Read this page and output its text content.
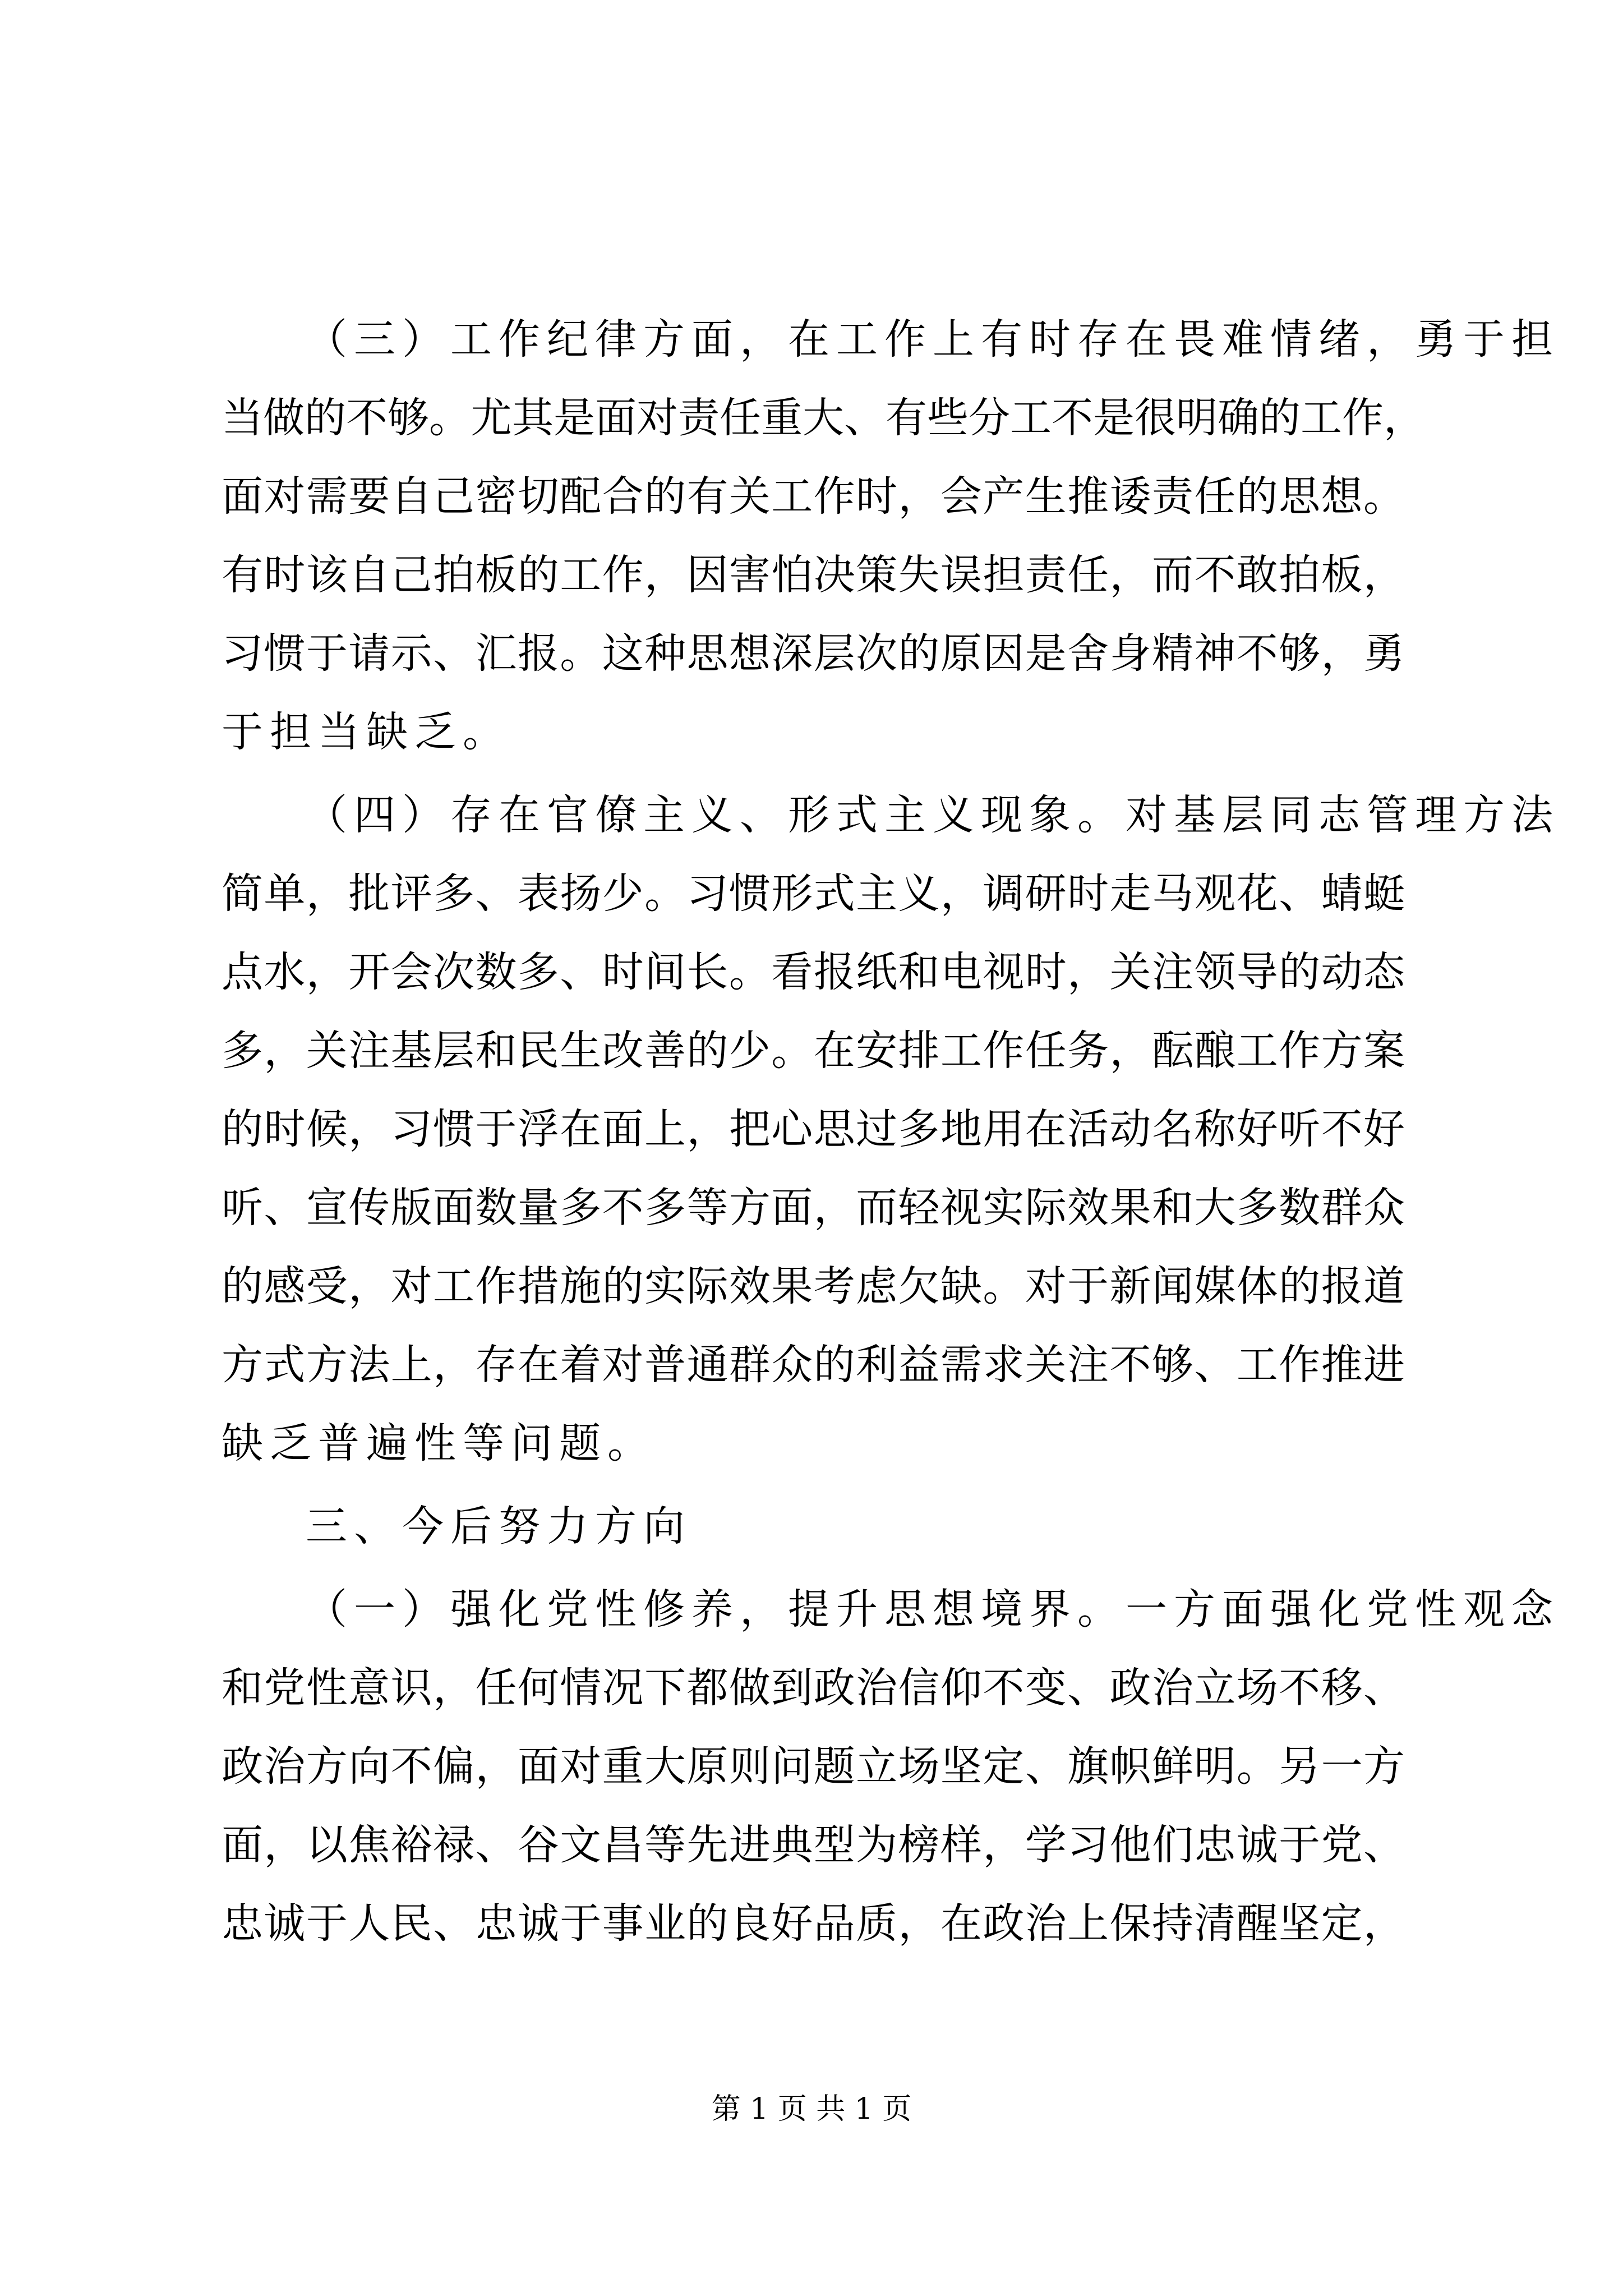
（三）工作纪律方面，在工作上有时存在畏难情绪，勇于担
当做的不够。尤其是面对责任重大、有些分工不是很明确的工作，
面对需要自己密切配合的有关工作时，会产生推诿责任的思想。
有时该自己拍板的工作，因害怕决策失误担责任，而不敢拍板，
习惯于请示、汇报。这种思想深层次的原因是舍身精神不够，勇
于担当缺乏。
（四）存在官僚主义、形式主义现象。对基层同志管理方法
简单，批评多、表扬少。习惯形式主义，调研时走马观花、蜻蜓
点水，开会次数多、时间长。看报纸和电视时，关注领导的动态
多，关注基层和民生改善的少。在安排工作任务，酝酿工作方案
的时候，习惯于浮在面上，把心思过多地用在活动名称好听不好
听、宣传版面数量多不多等方面，而轻视实际效果和大多数群众
的感受，对工作措施的实际效果考虑欠缺。对于新闻媒体的报道
方式方法上，存在着对普通群众的利益需求关注不够、工作推进
缺乏普遍性等问题。
三、今后努力方向
（一）强化党性修养，提升思想境界。一方面强化党性观念
和党性意识，任何情况下都做到政治信仰不变、政治立场不移、
政治方向不偏，面对重大原则问题立场坚定、旗帜鲜明。另一方
面，以焦裕禄、谷文昌等先进典型为榜样，学习他们忠诚于党、
忠诚于人民、忠诚于事业的良好品质，在政治上保持清醒坚定，
第 1 页 共 1 页
